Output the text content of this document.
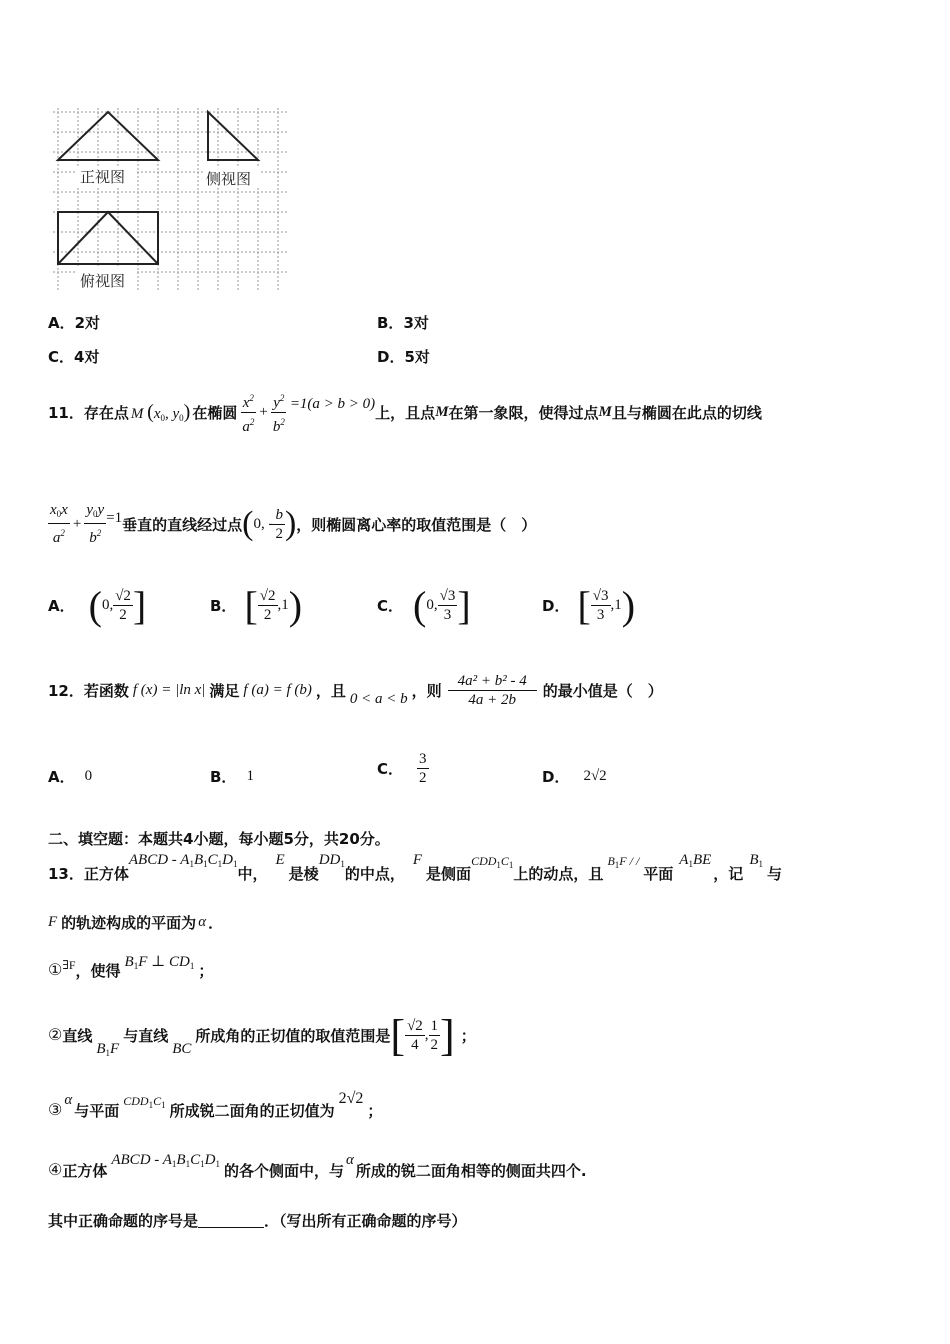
正视图	侧视图
俯视图
A．2对	B．3对
C．4对	D．5对
11． 存在点 M ($x_0$, $y_0$) 在椭圆 $\frac{x^2}{a^2} + \frac{y^2}{b^2} =1(a > b > 0)$ 上，且点 M 在第一象限，使得过点 M 且与椭圆在此点的切线
$\frac{x_0x}{a^2} + \frac{y_0y}{b^2} =1$ 垂直的直线经过点 ( 0, - $\frac{b}{2}$ ) ，则椭圆离心率的取值范围是（　）
A． ( 0, $\frac{√2}{2}$ ]	B． [ $\frac{√2}{2} ,1$ )	C． ( 0, $\frac{√3}{3}$ ]	D． [ $\frac{√3}{3} ,1$ )
12． 若函数 f (x) = |ln x| 满足 f (a) = f (b) ，且 0 < a < b ，则 $\frac{\text{4a² + b² - 4}}{4a + 2b}$ 的最小值是（　）
A． 0	B． 1	C． $\frac{3}{2}$	D． 2√2
二、填空题：本题共4小题，每小题5分，共20分。
13． 正方体
ABCD - $A_1B_1C_1D_1$
中，
E
是棱
$DD_1$
的中点，
F
是侧面
$CDD_1C_1$ 上的动点，且
$B_1F$ / /
平面
$A_1BE$
，记
$B_1$
与
F 的轨迹构成的平面为 α ．
① ∃F ，使得 $B_1F$ ⊥ $CD_1$ ；
② 直线
$B_1F$
与直线
BC
所成角的正切值的取值范围是 [ $\frac{√2}{4}$ , $\frac{1}{2}$ ] ；
③
α
与平面
$CDD_1C_1$ 所成锐二面角的正切值为
2√2
；
④ 正方体
ABCD - $A_1B_1C_1D_1$ 的各个侧面中，与
α
所成的锐二面角相等的侧面共四个.
其中正确命题的序号是	．（写出所有正确命题的序号）
